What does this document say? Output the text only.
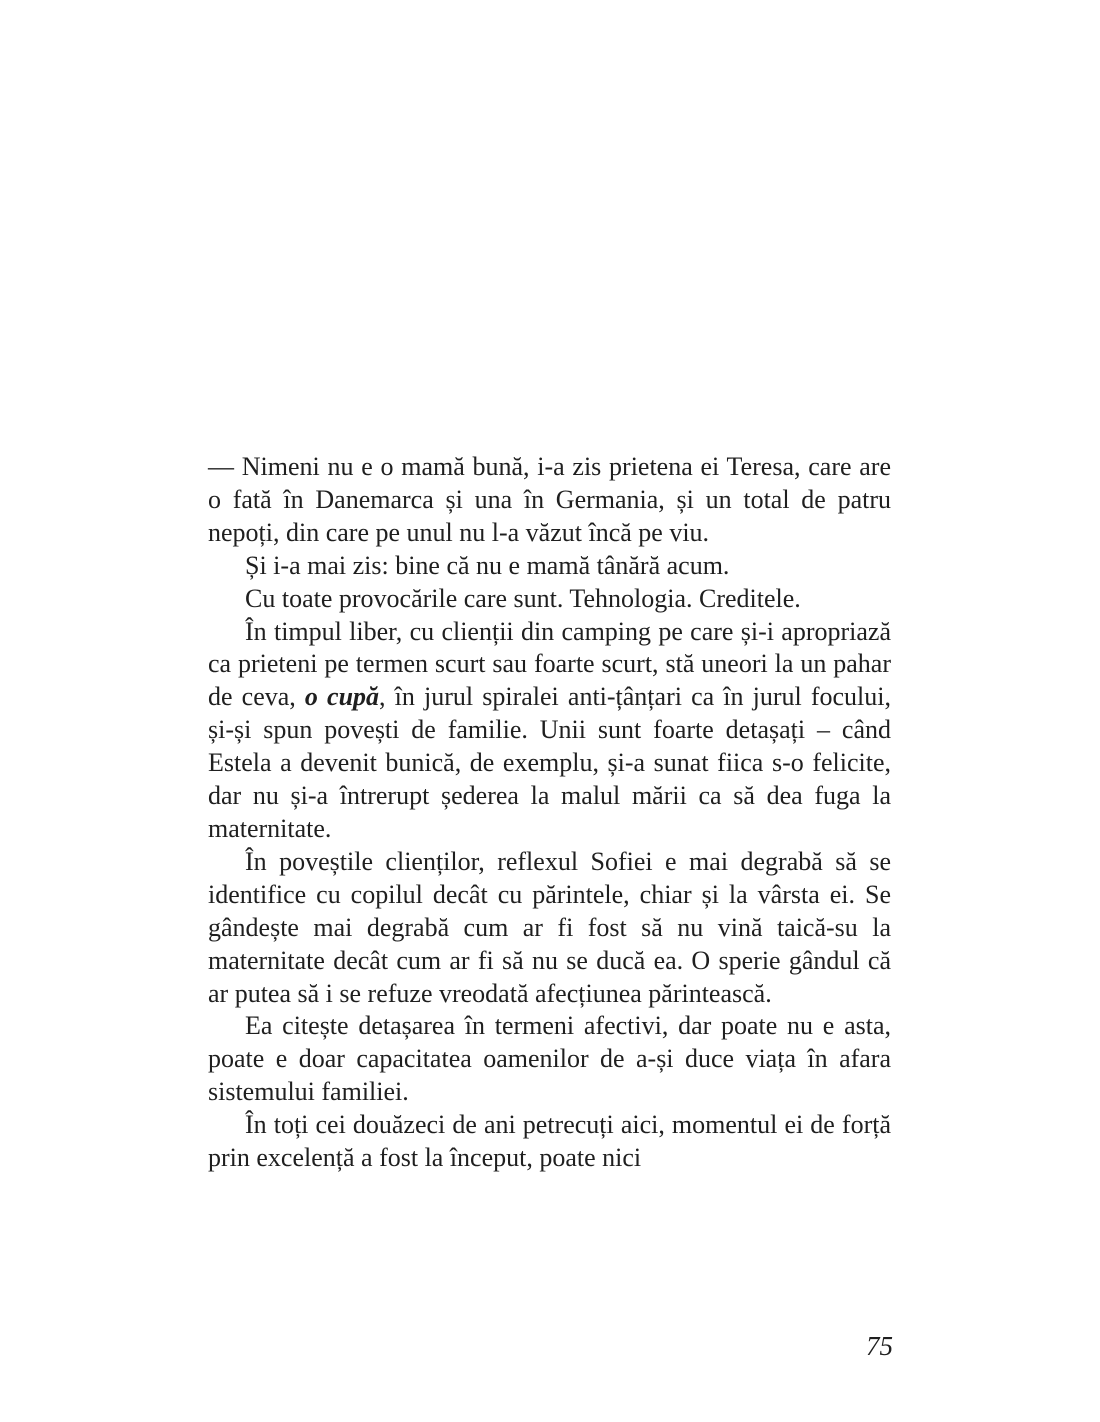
— Nimeni nu e o mamă bună, i-a zis prietena ei Teresa, care are o fată în Danemarca și una în Germania, și un total de patru nepoți, din care pe unul nu l-a văzut încă pe viu.

Și i-a mai zis: bine că nu e mamă tânără acum.

Cu toate provocările care sunt. Tehnologia. Creditele.

În timpul liber, cu clienții din camping pe care și-i apropriază ca prieteni pe termen scurt sau foarte scurt, stă uneori la un pahar de ceva, o cupă, în jurul spiralei anti-țânțari ca în jurul focului, și-și spun povești de familie. Unii sunt foarte detașați – când Estela a devenit bunică, de exemplu, și-a sunat fiica s-o felicite, dar nu și-a întrerupt șederea la malul mării ca să dea fuga la maternitate.

În poveștile clienților, reflexul Sofiei e mai degrabă să se identifice cu copilul decât cu părintele, chiar și la vârsta ei. Se gândește mai degrabă cum ar fi fost să nu vină taică-su la maternitate decât cum ar fi să nu se ducă ea. O sperie gândul că ar putea să i se refuze vreodată afecțiunea părintească.

Ea citește detașarea în termeni afectivi, dar poate nu e asta, poate e doar capacitatea oamenilor de a-și duce viața în afara sistemului familiei.

În toți cei douăzeci de ani petrecuți aici, momentul ei de forță prin excelență a fost la început, poate nici

75
